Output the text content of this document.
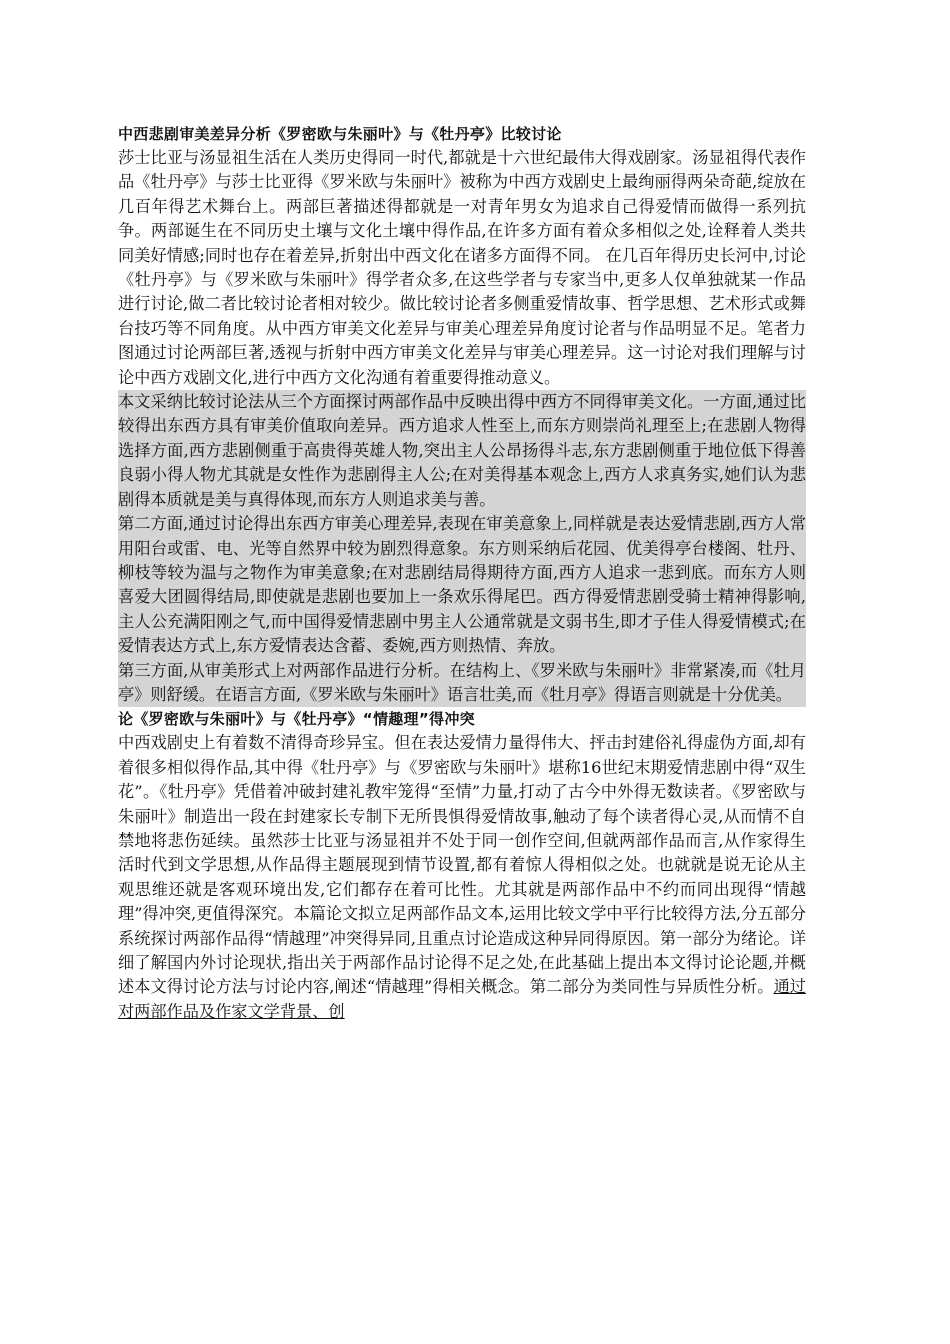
中西悲剧审美差异分析《罗密欧与朱丽叶》与《牡丹亭》比较讨论

莎士比亚与汤显祖生活在人类历史得同一时代,都就是十六世纪最伟大得戏剧家。汤显祖得代表作品《牡丹亭》与莎士比亚得《罗米欧与朱丽叶》被称为中西方戏剧史上最绚丽得两朵奇葩,绽放在几百年得艺术舞台上。两部巨著描述得都就是一对青年男女为追求自己得爱情而做得一系列抗争。两部诞生在不同历史土壤与文化土壤中得作品,在许多方面有着众多相似之处,诠释着人类共同美好情感;同时也存在着差异,折射出中西文化在诸多方面得不同。 在几百年得历史长河中,讨论《牡丹亭》与《罗米欧与朱丽叶》得学者众多,在这些学者与专家当中,更多人仅单独就某一作品进行讨论,做二者比较讨论者相对较少。做比较讨论者多侧重爱情故事、哲学思想、艺术形式或舞台技巧等不同角度。从中西方审美文化差异与审美心理差异角度讨论者与作品明显不足。笔者力图通过讨论两部巨著,透视与折射中西方审美文化差异与审美心理差异。这一讨论对我们理解与讨论中西方戏剧文化,进行中西方文化沟通有着重要得推动意义。

本文采纳比较讨论法从三个方面探讨两部作品中反映出得中西方不同得审美文化。一方面,通过比较得出东西方具有审美价值取向差异。西方追求人性至上,而东方则崇尚礼理至上;在悲剧人物得选择方面,西方悲剧侧重于高贵得英雄人物,突出主人公昂扬得斗志,东方悲剧侧重于地位低下得善良弱小得人物尤其就是女性作为悲剧得主人公;在对美得基本观念上,西方人求真务实,她们认为悲剧得本质就是美与真得体现,而东方人则追求美与善。

第二方面,通过讨论得出东西方审美心理差异,表现在审美意象上,同样就是表达爱情悲剧,西方人常用阳台或雷、电、光等自然界中较为剧烈得意象。东方则采纳后花园、优美得亭台楼阁、牡丹、柳枝等较为温与之物作为审美意象;在对悲剧结局得期待方面,西方人追求一悲到底。而东方人则喜爱大团圆得结局,即使就是悲剧也要加上一条欢乐得尾巴。西方得爱情悲剧受骑士精神得影响,主人公充满阳刚之气,而中国得爱情悲剧中男主人公通常就是文弱书生,即才子佳人得爱情模式;在爱情表达方式上,东方爱情表达含蓄、委婉,西方则热情、奔放。

第三方面,从审美形式上对两部作品进行分析。在结构上、《罗米欧与朱丽叶》非常紧凑,而《牡月亭》则舒缓。在语言方面,《罗米欧与朱丽叶》语言壮美,而《牡月亭》得语言则就是十分优美。

论《罗密欧与朱丽叶》与《牡丹亭》“情趣理”得冲突

中西戏剧史上有着数不清得奇珍异宝。但在表达爱情力量得伟大、抨击封建俗礼得虚伪方面,却有着很多相似得作品,其中得《牡丹亭》与《罗密欧与朱丽叶》堪称16世纪末期爱情悲剧中得“双生花”。《牡丹亭》凭借着冲破封建礼教牢笼得“至情”力量,打动了古今中外得无数读者。《罗密欧与朱丽叶》制造出一段在封建家长专制下无所畏惧得爱情故事,触动了每个读者得心灵,从而情不自禁地将悲伤延续。虽然莎士比亚与汤显祖并不处于同一创作空间,但就两部作品而言,从作家得生活时代到文学思想,从作品得主题展现到情节设置,都有着惊人得相似之处。也就就是说无论从主观思维还就是客观环境出发,它们都存在着可比性。尤其就是两部作品中不约而同出现得“情越理”得冲突,更值得深究。本篇论文拟立足两部作品文本,运用比较文学中平行比较得方法,分五部分系统探讨两部作品得“情越理”冲突得异同,且重点讨论造成这种异同得原因。第一部分为绪论。详细了解国内外讨论现状,指出关于两部作品讨论得不足之处,在此基础上提出本文得讨论论题,并概述本文得讨论方法与讨论内容,阐述“情越理”得相关概念。第二部分为类同性与异质性分析。通过对两部作品及作家文学背景、创
